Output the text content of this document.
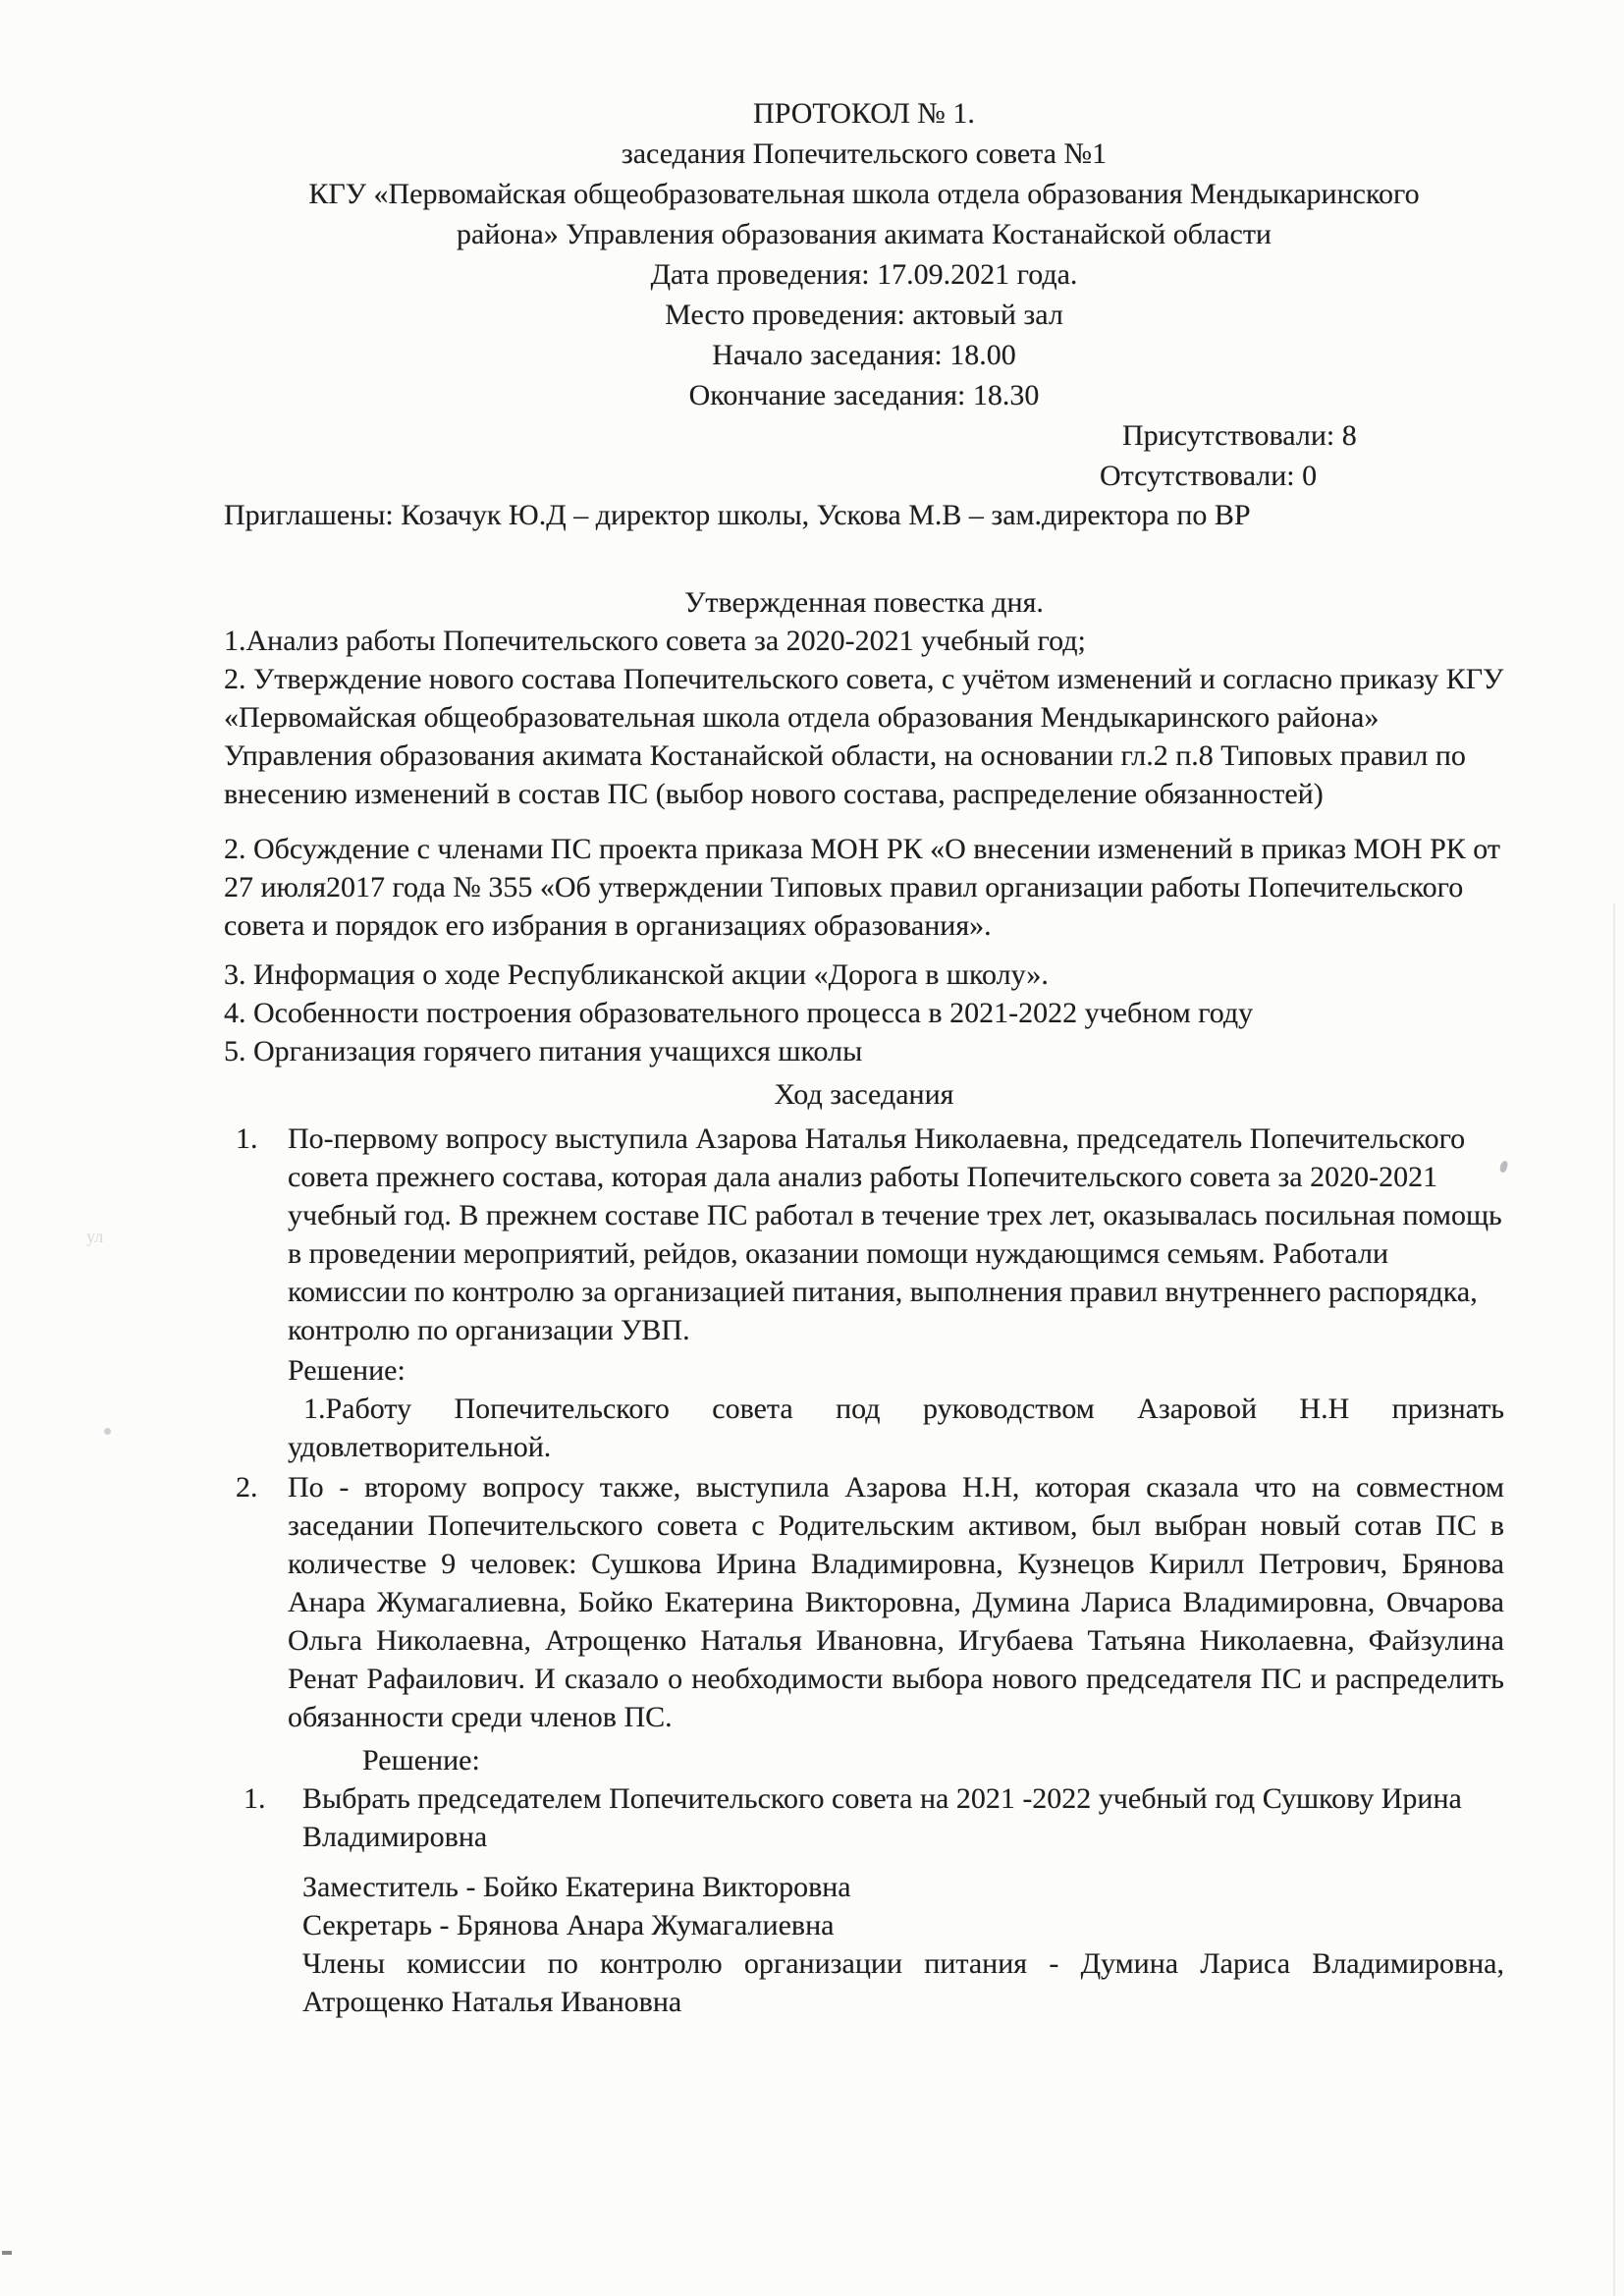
ПРОТОКОЛ № 1.
заседания Попечительского совета №1
КГУ «Первомайская общеобразовательная школа отдела образования Мендыкаринского района» Управления образования акимата Костанайской области
Дата проведения: 17.09.2021 года.
Место проведения: актовый зал
Начало заседания: 18.00
Окончание заседания: 18.30
Присутствовали: 8
Отсутствовали: 0

Приглашены: Козачук Ю.Д – директор школы, Ускова М.В – зам.директора по ВР

Утвержденная повестка дня.

1.Анализ работы Попечительского совета за 2020-2021 учебный год;

2. Утверждение нового состава Попечительского совета, с учётом изменений и согласно приказу КГУ «Первомайская общеобразовательная школа отдела образования Мендыкаринского района» Управления образования акимата Костанайской области, на основании гл.2 п.8 Типовых правил по внесению изменений в состав ПС (выбор нового состава, распределение обязанностей)

2. Обсуждение с членами ПС проекта приказа МОН РК «О внесении изменений в приказ МОН РК от 27 июля2017 года № 355 «Об утверждении Типовых правил организации работы Попечительского совета и порядок его избрания в организациях образования».

3. Информация о ходе Республиканской акции «Дорога в школу».

4. Особенности построения образовательного процесса в 2021-2022 учебном году

5. Организация горячего питания учащихся школы

Ход заседания
1. По-первому вопросу выступила Азарова Наталья Николаевна, председатель Попечительского совета прежнего состава, которая дала анализ работы Попечительского совета за 2020-2021 учебный год. В прежнем составе ПС работал в течение трех лет, оказывалась посильная помощь в проведении мероприятий, рейдов, оказании помощи нуждающимся семьям. Работали комиссии по контролю за организацией питания, выполнения правил внутреннего распорядка, контролю по организации УВП.

Решение:

1.Работу Попечительского совета под руководством Азаровой Н.Н признать удовлетворительной.

2. По - второму вопросу также, выступила Азарова Н.Н, которая сказала что на совместном заседании Попечительского совета с Родительским активом, был выбран новый сотав ПС в количестве 9 человек: Сушкова Ирина Владимировна, Кузнецов Кирилл Петрович, Брянова Анара Жумагалиевна, Бойко Екатерина Викторовна, Думина Лариса Владимировна, Овчарова Ольга Николаевна, Атрощенко Наталья Ивановна, Игубаева Татьяна Николаевна, Файзулина Ренат Рафаилович. И сказало о необходимости выбора нового председателя ПС и распределить обязанности среди членов ПС.

Решение:
1. Выбрать председателем Попечительского совета на 2021 -2022 учебный год Сушкову Ирина Владимировна

Заместитель - Бойко Екатерина Викторовна

Секретарь - Брянова Анара Жумагалиевна

Члены комиссии по контролю организации питания - Думина Лариса Владимировна, Атрощенко Наталья Ивановна

ул
